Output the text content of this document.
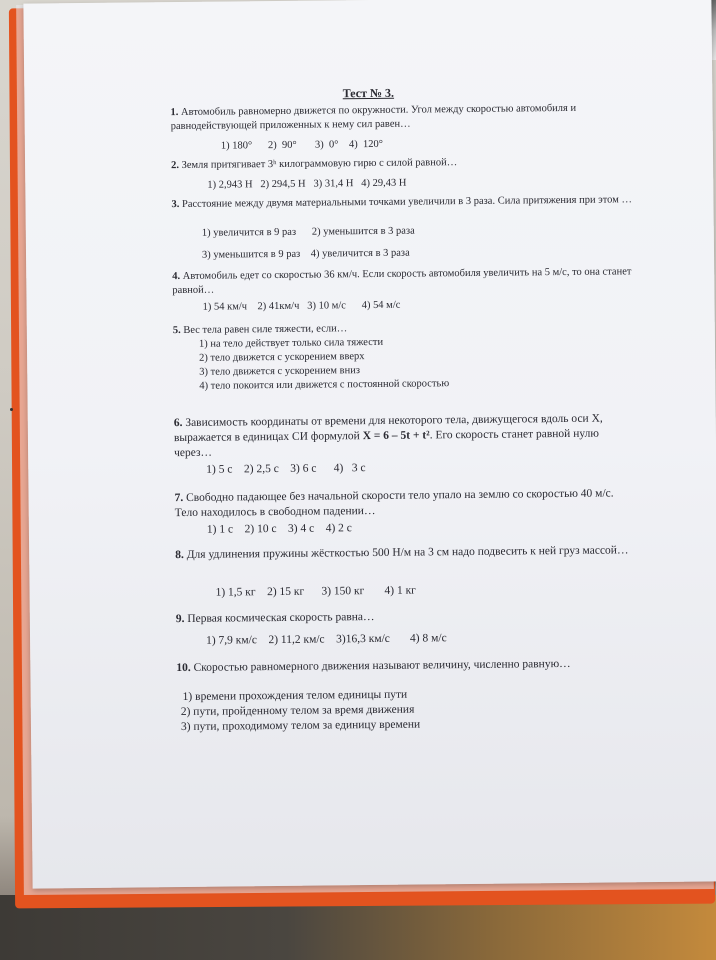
Тест № 3.
1. Автомобиль равномерно движется по окружности. Угол между скоростью автомобиля и равнодействующей приложенных к нему сил равен…
1) 180°      2)  90°       3)  0°    4)  120°
2. Земля притягивает 3ʰ килограммовую гирю с силой равной…
1) 2,943 Н   2) 294,5 Н   3) 31,4 Н   4) 29,43 Н
3. Расстояние между двумя материальными точками увеличили в 3 раза. Сила притяжения при этом …
1) увеличится в 9 раз      2) уменьшится в 3 раза
3) уменьшится в 9 раз    4) увеличится в 3 раза
4. Автомобиль едет со скоростью 36 км/ч. Если скорость автомобиля увеличить на 5 м/с, то она станет равной…
1) 54 км/ч    2) 41км/ч   3) 10 м/с      4) 54 м/с
5. Вес тела равен силе тяжести, если…
1) на тело действует только сила тяжести
2) тело движется с ускорением вверх
3) тело движется с ускорением вниз
4) тело покоится или движется с постоянной скоростью
6. Зависимость координаты от времени для некоторого тела, движущегося вдоль оси Х, выражается в единицах СИ формулой Х = 6 – 5t + t². Его скорость станет равной нулю через…
1) 5 с    2) 2,5 с    3) 6 с      4)   3 с
7. Свободно падающее без начальной скорости тело упало на землю со скоростью 40 м/с. Тело находилось в свободном падении…
1) 1 с    2) 10 с    3) 4 с    4) 2 с
8. Для удлинения пружины жёсткостью 500 Н/м на 3 см надо подвесить к ней груз массой…
1) 1,5 кг    2) 15 кг      3) 150 кг       4) 1 кг
9. Первая космическая скорость равна…
1) 7,9 км/с    2) 11,2 км/с    3)16,3 км/с       4) 8 м/с
10. Скоростью равномерного движения называют величину, численно равную…
1) времени прохождения телом единицы пути
2) пути, пройденному телом за время движения
3) пути, проходимому телом за единицу времени
